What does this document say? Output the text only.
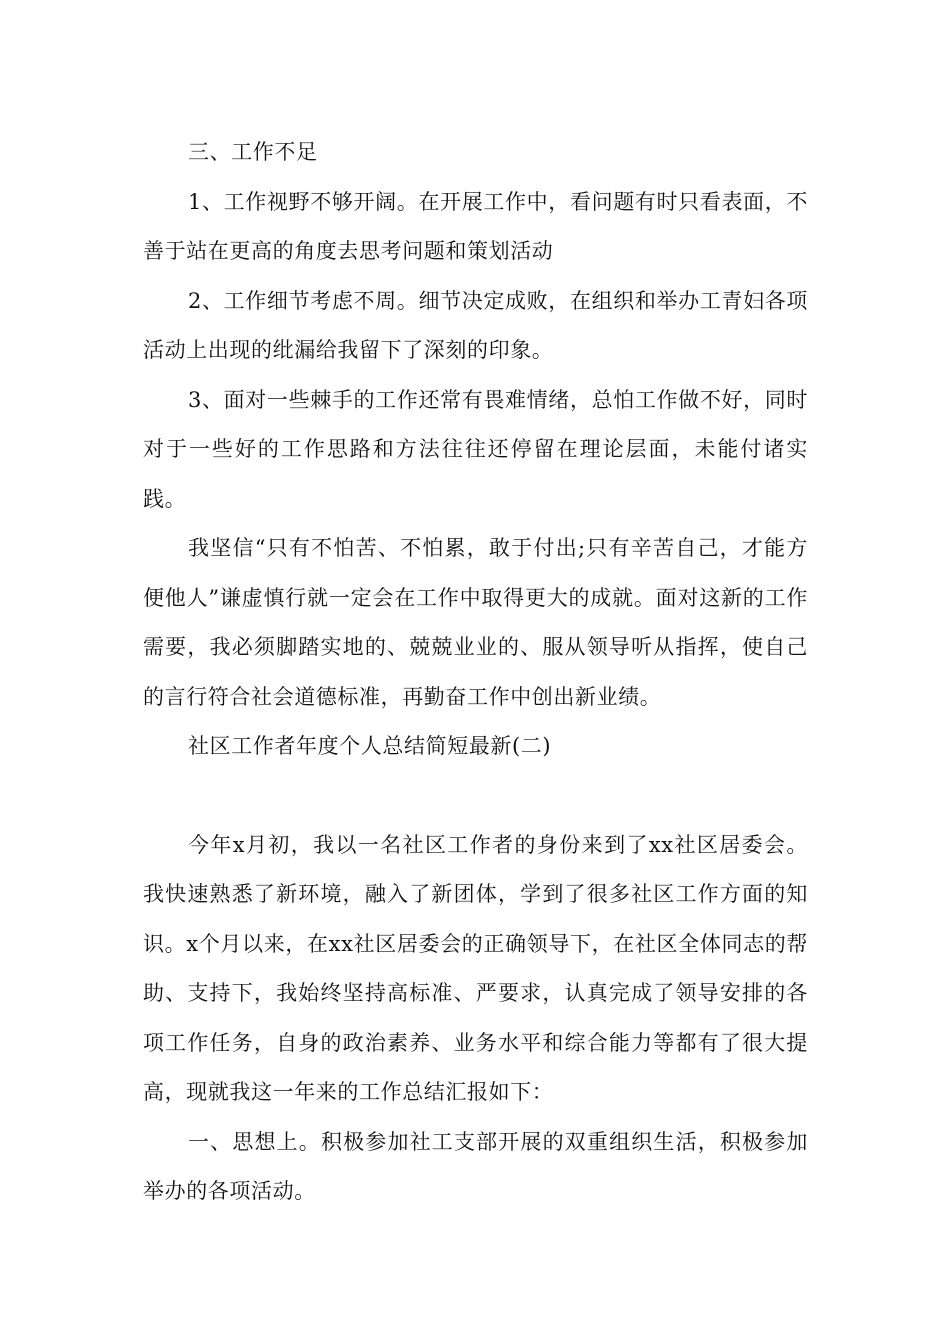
三、工作不足

1、工作视野不够开阔。在开展工作中，看问题有时只看表面，不善于站在更高的角度去思考问题和策划活动

2、工作细节考虑不周。细节决定成败，在组织和举办工青妇各项活动上出现的纰漏给我留下了深刻的印象。

3、面对一些棘手的工作还常有畏难情绪，总怕工作做不好，同时对于一些好的工作思路和方法往往还停留在理论层面，未能付诸实践。

我坚信“只有不怕苦、不怕累，敢于付出;只有辛苦自己，才能方便他人”谦虚慎行就一定会在工作中取得更大的成就。面对这新的工作需要，我必须脚踏实地的、兢兢业业的、服从领导听从指挥，使自己的言行符合社会道德标准，再勤奋工作中创出新业绩。

社区工作者年度个人总结简短最新(二)

今年x月初，我以一名社区工作者的身份来到了xx社区居委会。我快速熟悉了新环境，融入了新团体，学到了很多社区工作方面的知识。x个月以来，在xx社区居委会的正确领导下，在社区全体同志的帮助、支持下，我始终坚持高标准、严要求，认真完成了领导安排的各项工作任务，自身的政治素养、业务水平和综合能力等都有了很大提高，现就我这一年来的工作总结汇报如下：

一、思想上。积极参加社工支部开展的双重组织生活，积极参加举办的各项活动。
